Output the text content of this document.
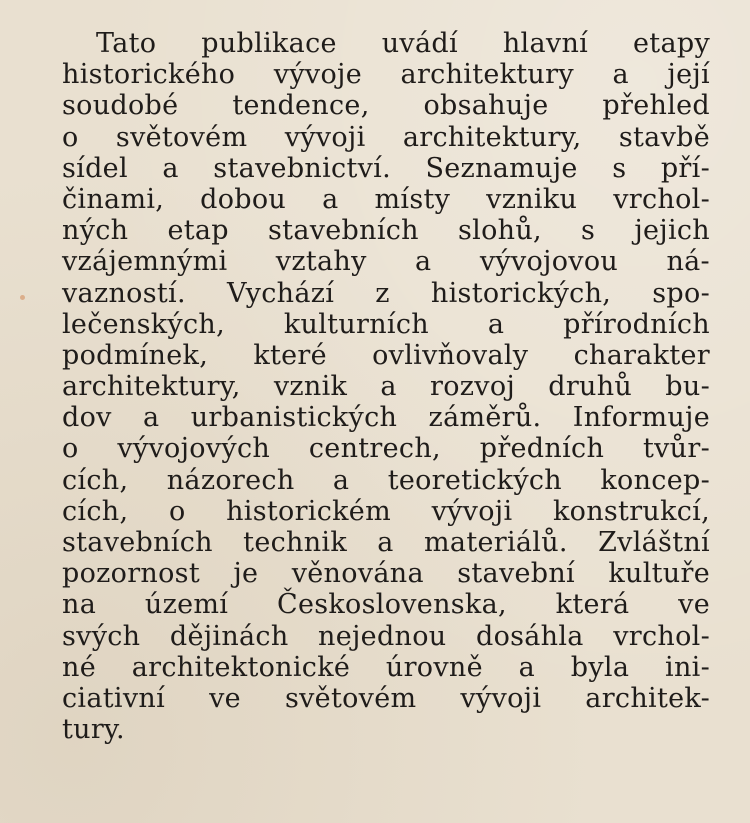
Tato publikace uvádí hlavní etapy
historického vývoje architektury a její
soudobé tendence, obsahuje přehled
o světovém vývoji architektury, stavbě
sídel a stavebnictví. Seznamuje s pří-
činami, dobou a místy vzniku vrchol-
ných etap stavebních slohů, s jejich
vzájemnými vztahy a vývojovou ná-
vazností. Vychází z historických, spo-
lečenských, kulturních a přírodních
podmínek, které ovlivňovaly charakter
architektury, vznik a rozvoj druhů bu-
dov a urbanistických záměrů. Informuje
o vývojových centrech, předních tvůr-
cích, názorech a teoretických koncep-
cích, o historickém vývoji konstrukcí,
stavebních technik a materiálů. Zvláštní
pozornost je věnována stavební kultuře
na území Československa, která ve
svých dějinách nejednou dosáhla vrchol-
né architektonické úrovně a byla ini-
ciativní ve světovém vývoji architek-
tury.
